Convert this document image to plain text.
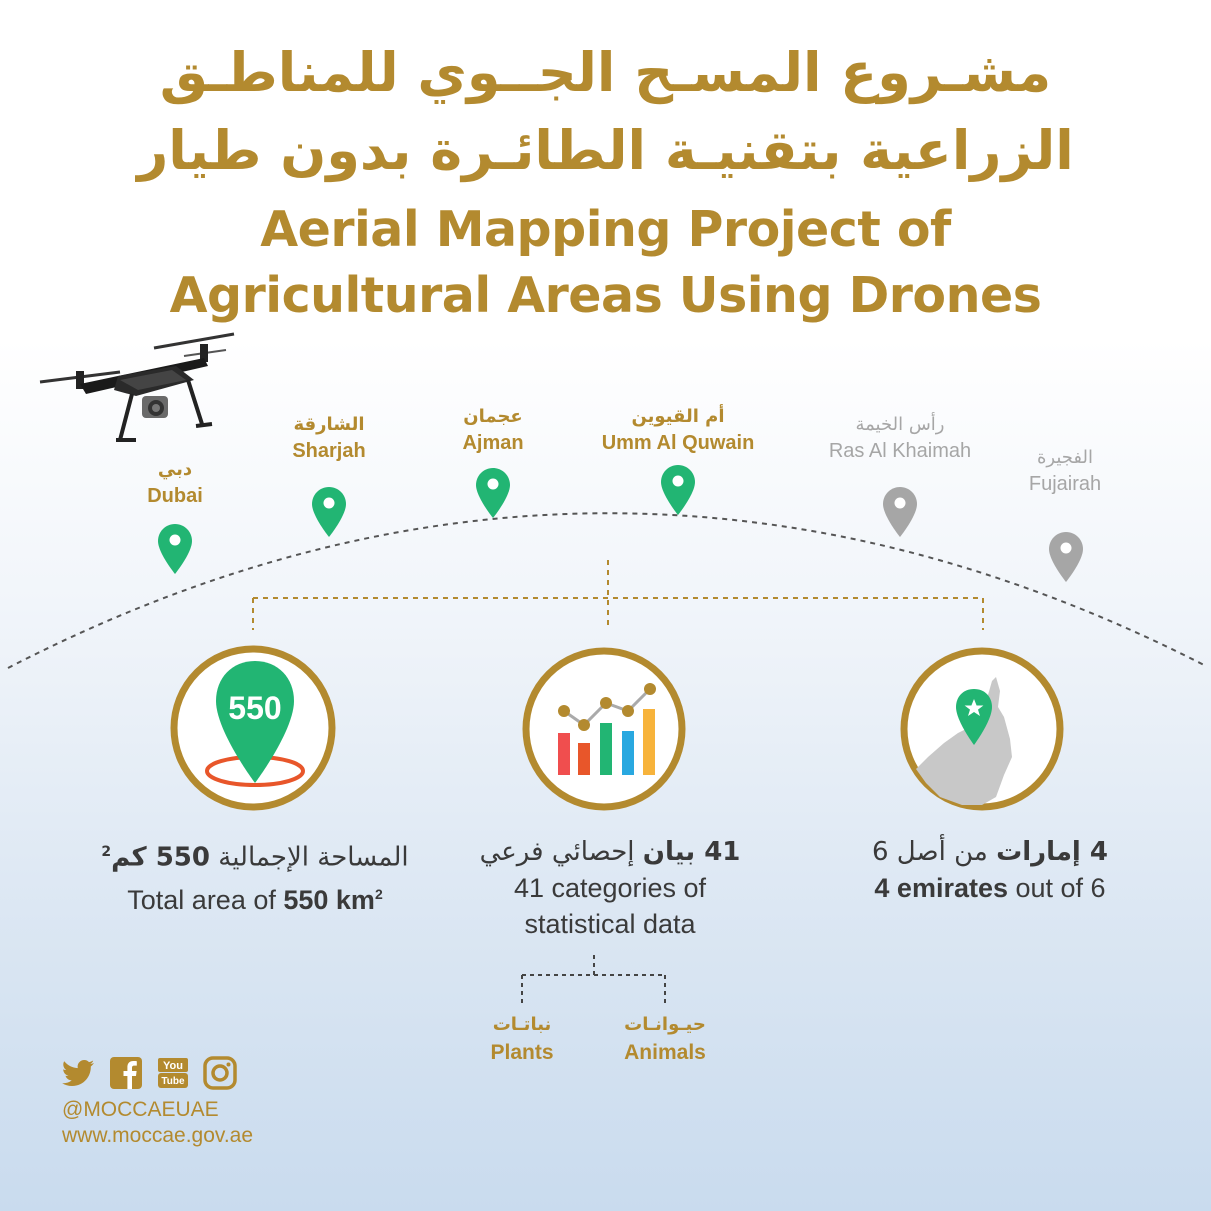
مشـروع المسـح الجــوي للمناطـق
الزراعية بتقنيـة الطائـرة بدون طيار
Aerial Mapping Project of
Agricultural Areas Using Drones
دبي
Dubai
الشارقة
Sharjah
عجمان
Ajman
أم القيوين
Umm Al Quwain
رأس الخيمة
Ras Al Khaimah	الفجيرة
Fujairah
550
المساحة الإجمالية 550 كم$^2$
Total area of 550 $km^2$
41 بيان إحصائي فرعي
41 categories of
statistical data
4 إمارات من أصل 6
4 emirates out of 6
نباتـات
Plants
حيـوانـات
Animals
You
Tube
@MOCCAEUAE
www.moccae.gov.ae
